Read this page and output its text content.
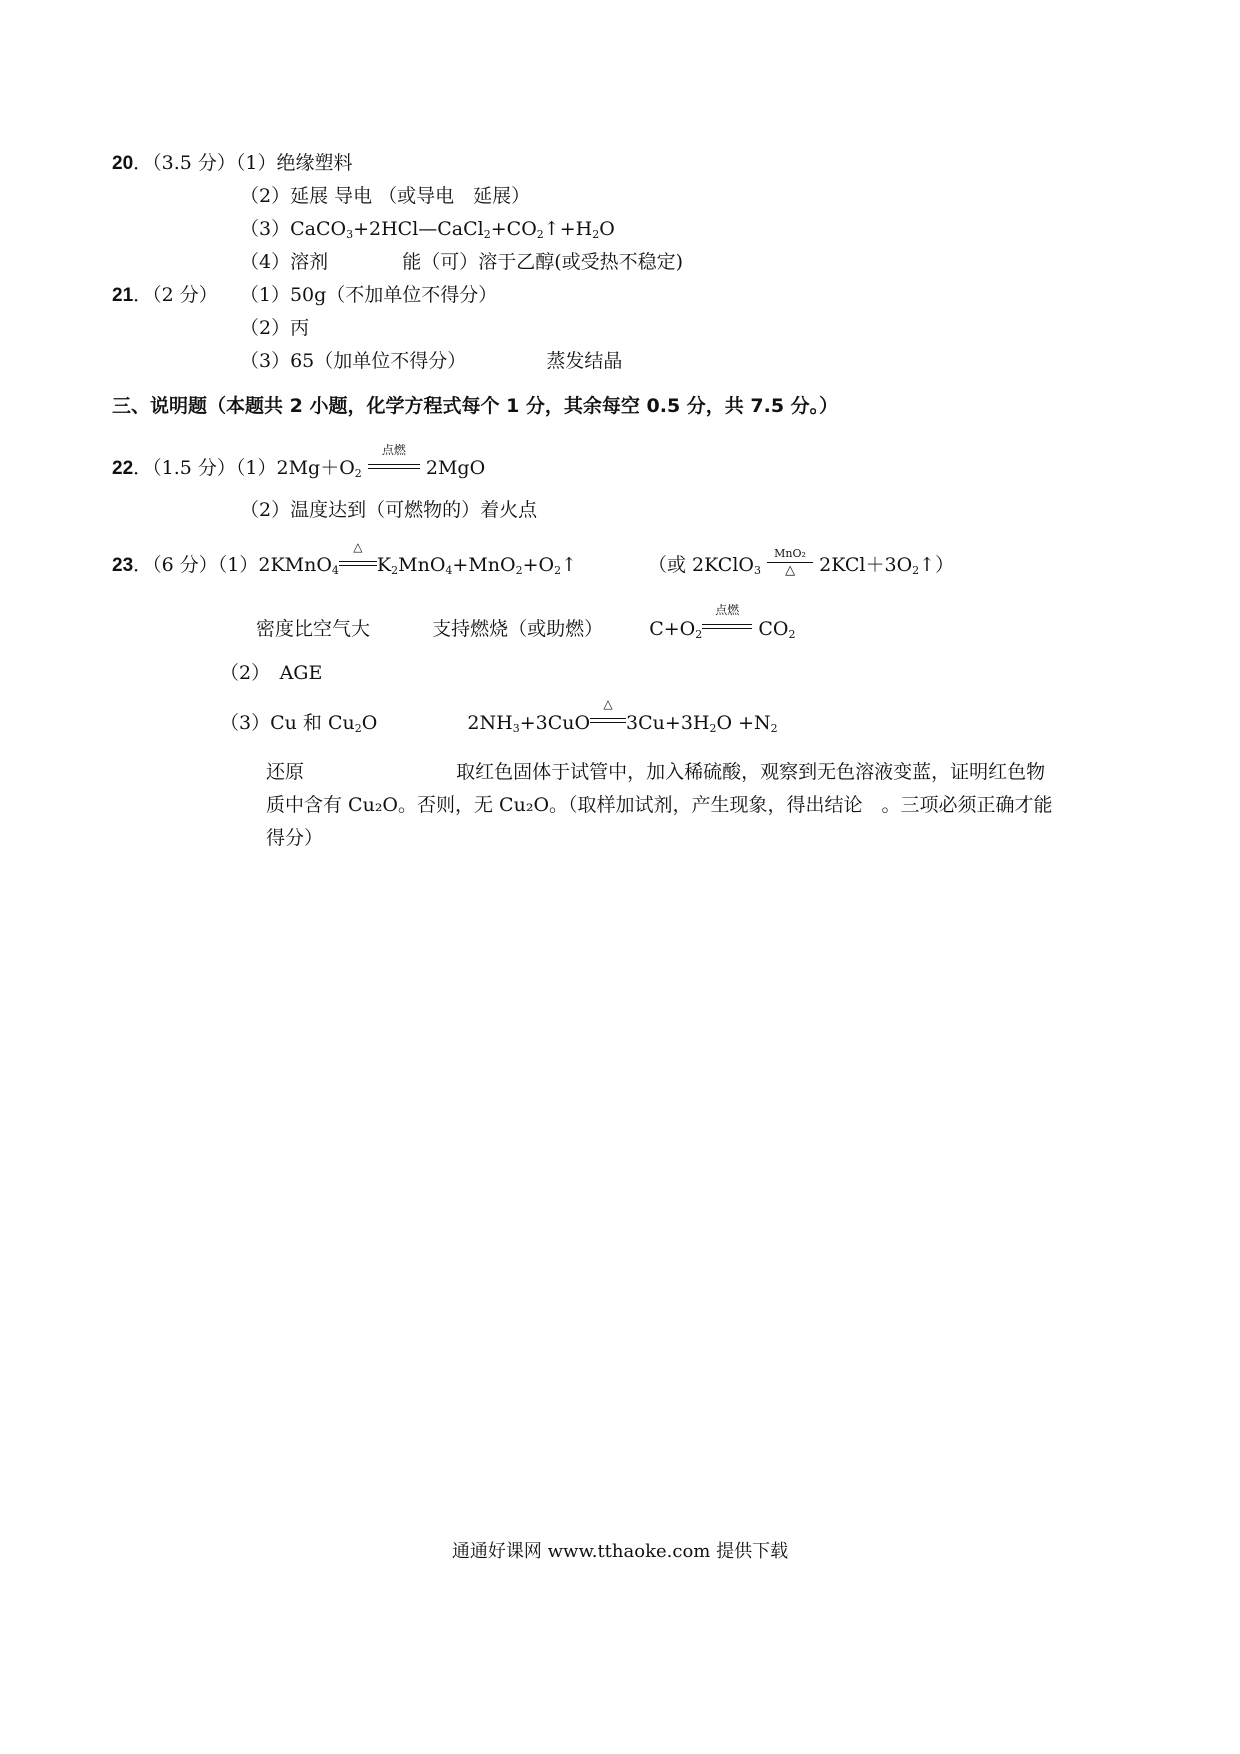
20．（3.5 分）（1）绝缘塑料
（2）延展 导电 （或导电　延展）
$(3)CaCO_3+2HCl—CaCl_2+CO_2↑+H_2O$
（4）溶剂	能（可）溶于乙醇(或受热不稳定)
21．（2 分） （1）50g（不加单位不得分）
（2）丙
（3）65（加单位不得分）	蒸发结晶
三、说明题（本题共 2 小题，化学方程式每个 1 分，其余每空 0.5 分，共 7.5 分。）
22．（1.5 分）$(1)2Mg+O_2$
点燃
2MgO
（2）温度达到（可燃物的）着火点
23．（6 分）（1）2KMnO$_4$
△
$K_2MnO_4+MnO_2+O_2↑$	（或 2KClO$_3$
MnO₂
△	$2KCl+3O_2↑$）
密度比空气大	支持燃烧（或助燃） $C+O_2$
点燃
$CO_2$
（2）　AGE
（3）Cu 和 $Cu_2O$	$2NH_3+3CuO$
△
$3Cu+3H_2O +N_2$
还原	取红色固体于试管中，加入稀硫酸，观察到无色溶液变蓝，证明红色物
质中含有 Cu₂O。否则，无 Cu₂O。（取样加试剂，产生现象，得出结论　。三项必须正确才能
得分）
通通好课网 www.tthaoke.com 提供下载
